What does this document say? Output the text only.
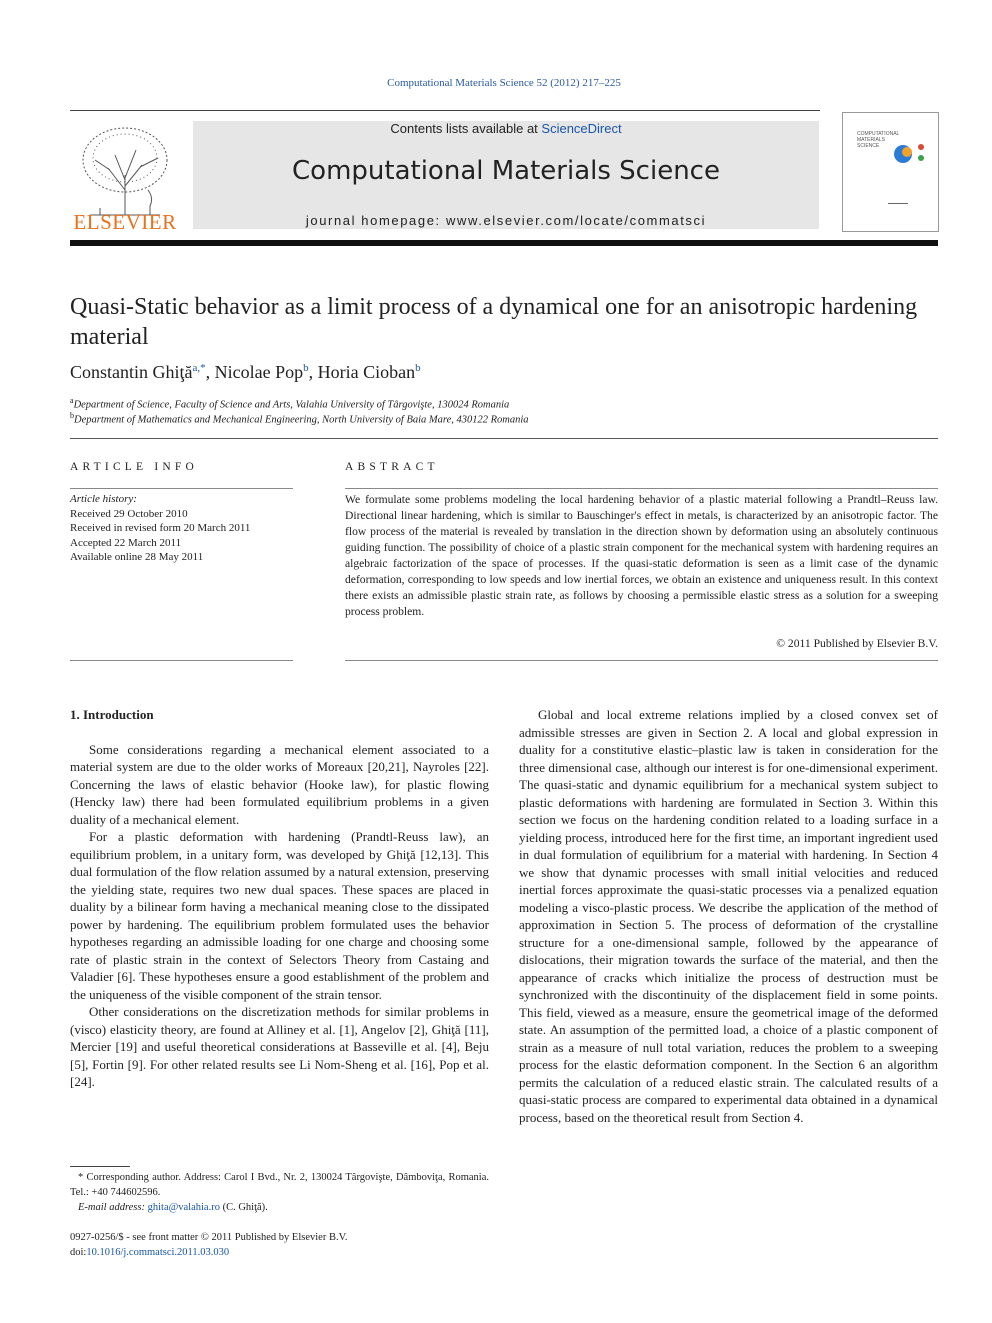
Computational Materials Science 52 (2012) 217–225
ELSEVIER
Contents lists available at ScienceDirect
Computational Materials Science
journal homepage: www.elsevier.com/locate/commatsci
COMPUTATIONAL MATERIALS SCIENCE
Quasi-Static behavior as a limit process of a dynamical one for an anisotropic hardening material
Constantin Ghiţă$^{a,*}$, Nicolae Pop$^b$, Horia Cioban$^b$
$^a$Department of Science, Faculty of Science and Arts, Valahia University of Târgovişte, 130024 Romania
$^b$Department of Mathematics and Mechanical Engineering, North University of Baia Mare, 430122 Romania
ARTICLE INFO	ABSTRACT
Article history:
Received 29 October 2010
Received in revised form 20 March 2011
Accepted 22 March 2011
Available online 28 May 2011
We formulate some problems modeling the local hardening behavior of a plastic material following a Prandtl–Reuss law. Directional linear hardening, which is similar to Bauschinger's effect in metals, is characterized by an anisotropic factor. The flow process of the material is revealed by translation in the direction shown by deformation using an absolutely continuous guiding function. The possibility of choice of a plastic strain component for the mechanical system with hardening requires an algebraic factorization of the space of processes. If the quasi-static deformation is seen as a limit case of the dynamic deformation, corresponding to low speeds and low inertial forces, we obtain an existence and uniqueness result. In this context there exists an admissible plastic strain rate, as follows by choosing a permissible elastic stress as a solution for a sweeping process problem.
© 2011 Published by Elsevier B.V.

1. Introduction

Some considerations regarding a mechanical element associated to a material system are due to the older works of Moreaux [20,21], Nayroles [22]. Concerning the laws of elastic behavior (Hooke law), for plastic flowing (Hencky law) there had been formulated equilibrium problems in a given duality of a mechanical element.

For a plastic deformation with hardening (Prandtl-Reuss law), an equilibrium problem, in a unitary form, was developed by Ghiţă [12,13]. This dual formulation of the flow relation assumed by a natural extension, preserving the yielding state, requires two new dual spaces. These spaces are placed in duality by a bilinear form having a mechanical meaning close to the dissipated power by hardening. The equilibrium problem formulated uses the behavior hypotheses regarding an admissible loading for one charge and choosing some rate of plastic strain in the context of Selectors Theory from Castaing and Valadier [6]. These hypotheses ensure a good establishment of the problem and the uniqueness of the visible component of the strain tensor.

Other considerations on the discretization methods for similar problems in (visco) elasticity theory, are found at Alliney et al. [1], Angelov [2], Ghiţă [11], Mercier [19] and useful theoretical considerations at Basseville et al. [4], Beju [5], Fortin [9]. For other related results see Li Nom-Sheng et al. [16], Pop et al. [24].

Global and local extreme relations implied by a closed convex set of admissible stresses are given in Section 2. A local and global expression in duality for a constitutive elastic–plastic law is taken in consideration for the three dimensional case, although our interest is for one-dimensional experiment. The quasi-static and dynamic equilibrium for a mechanical system subject to plastic deformations with hardening are formulated in Section 3. Within this section we focus on the hardening condition related to a loading surface in a yielding process, introduced here for the first time, an important ingredient used in dual formulation of equilibrium for a material with hardening. In Section 4 we show that dynamic processes with small initial velocities and reduced inertial forces approximate the quasi-static processes via a penalized equation modeling a visco-plastic process. We describe the application of the method of approximation in Section 5. The process of deformation of the crystalline structure for a one-dimensional sample, followed by the appearance of dislocations, their migration towards the surface of the material, and then the appearance of cracks which initialize the process of destruction must be synchronized with the discontinuity of the displacement field in some points. This field, viewed as a measure, ensure the geometrical image of the deformed state. An assumption of the permitted load, a choice of a plastic component of strain as a measure of null total variation, reduces the problem to a sweeping process for the elastic deformation component. In the Section 6 an algorithm permits the calculation of a reduced elastic strain. The calculated results of a quasi-static process are compared to experimental data obtained in a dynamical process, based on the theoretical result from Section 4.

* Corresponding author. Address: Carol I Bvd., Nr. 2, 130024 Târgovişte, Dâmboviţa, Romania. Tel.: +40 744602596.

E-mail address: ghita@valahia.ro (C. Ghiţă).

0927-0256/$ - see front matter © 2011 Published by Elsevier B.V.
doi:10.1016/j.commatsci.2011.03.030
